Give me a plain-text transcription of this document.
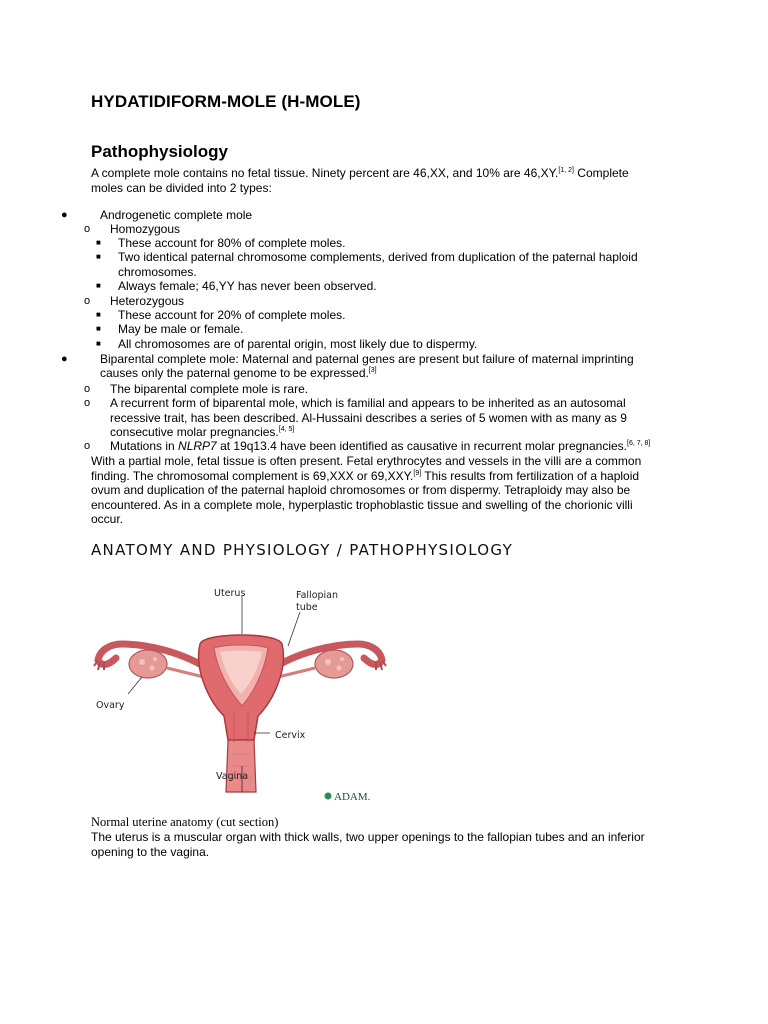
HYDATIDIFORM-MOLE (H-MOLE)
Pathophysiology
A complete mole contains no fetal tissue. Ninety percent are 46,XX, and 10% are 46,XY.[1, 2] Complete
moles can be divided into 2 types:
●	Androgenetic complete mole
o Homozygous
■ These account for 80% of complete moles.
■ Two identical paternal chromosome complements, derived from duplication of the paternal haploid
chromosomes.
■ Always female; 46,YY has never been observed.
o Heterozygous
■ These account for 20% of complete moles.
■ May be male or female.
■ All chromosomes are of parental origin, most likely due to dispermy.
●	Biparental complete mole: Maternal and paternal genes are present but failure of maternal imprinting

causes only the paternal genome to be expressed.[3]
o The biparental complete mole is rare.
o A recurrent form of biparental mole, which is familial and appears to be inherited as an autosomal
recessive trait, has been described. Al-Hussaini describes a series of 5 women with as many as 9
consecutive molar pregnancies.[4, 5]
o Mutations in NLRP7 at 19q13.4 have been identified as causative in recurrent molar pregnancies.[6, 7, 8]
With a partial mole, fetal tissue is often present. Fetal erythrocytes and vessels in the villi are a common
finding. The chromosomal complement is 69,XXX or 69,XXY.[9] This results from fertilization of a haploid
ovum and duplication of the paternal haploid chromosomes or from dispermy. Tetraploidy may also be
encountered. As in a complete mole, hyperplastic trophoblastic tissue and swelling of the chorionic villi
occur.
ANATOMY AND PHYSIOLOGY / PATHOPHYSIOLOGY
Uterus	Fallopian
tube
Ovary
Cervix
Vagina
ADAM.
Normal uterine anatomy (cut section)
The uterus is a muscular organ with thick walls, two upper openings to the fallopian tubes and an inferior
opening to the vagina.
